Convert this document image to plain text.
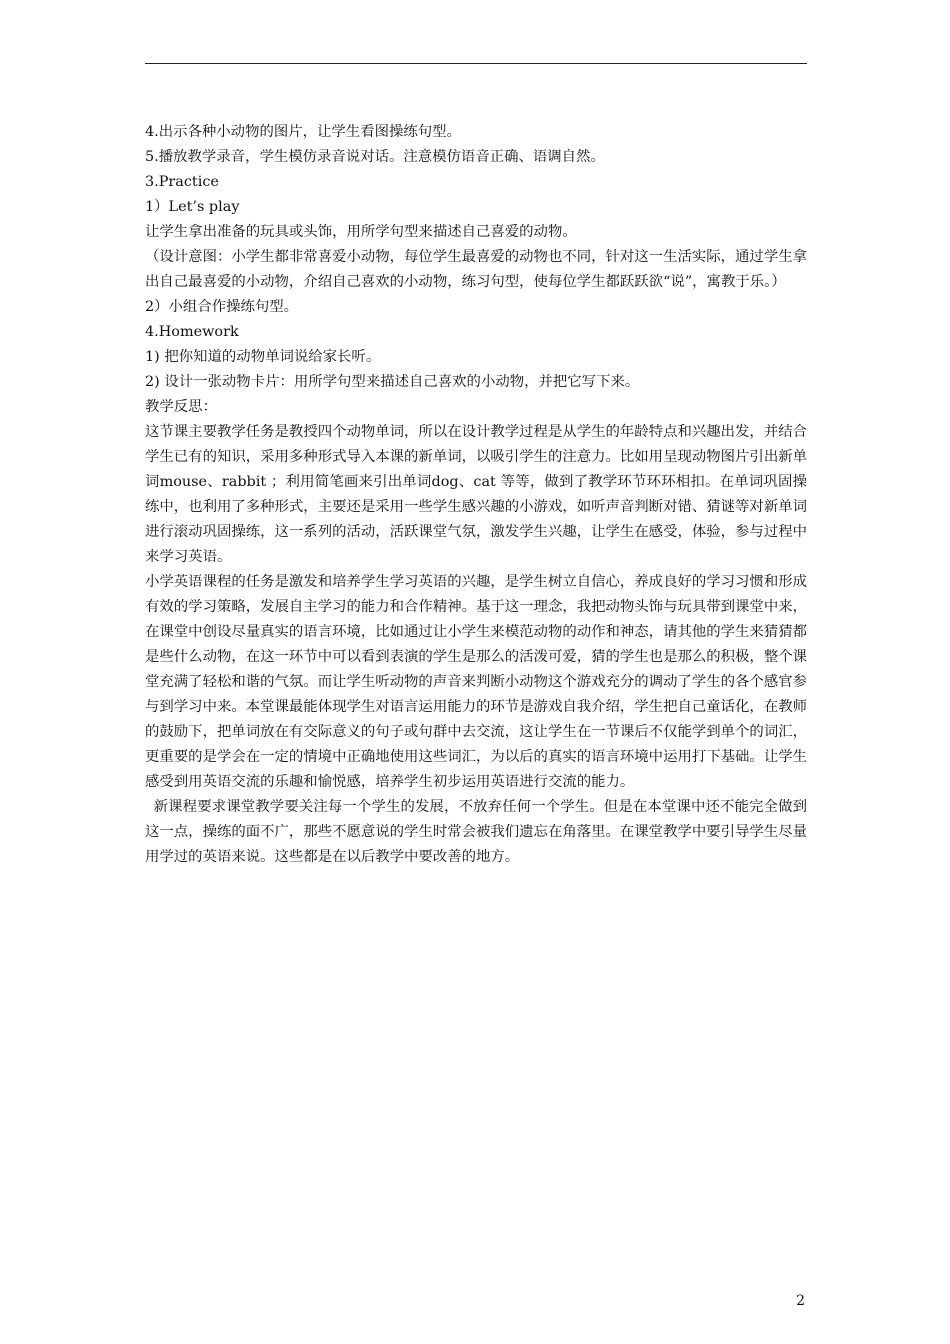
4.出示各种小动物的图片，让学生看图操练句型。

5.播放教学录音，学生模仿录音说对话。注意模仿语音正确、语调自然。

3.Practice

1）Let’s play

让学生拿出准备的玩具或头饰，用所学句型来描述自己喜爱的动物。

（设计意图：小学生都非常喜爱小动物，每位学生最喜爱的动物也不同，针对这一生活实际，通过学生拿出自己最喜爱的小动物，介绍自己喜欢的小动物，练习句型，使每位学生都跃跃欲“说”，寓教于乐。）

2）小组合作操练句型。

4.Homework

1) 把你知道的动物单词说给家长听。

2) 设计一张动物卡片：用所学句型来描述自己喜欢的小动物，并把它写下来。

教学反思：

这节课主要教学任务是教授四个动物单词，所以在设计教学过程是从学生的年龄特点和兴趣出发，并结合学生已有的知识，采用多种形式导入本课的新单词，以吸引学生的注意力。比如用呈现动物图片引出新单词mouse、rabbit ；利用简笔画来引出单词dog、cat 等等，做到了教学环节环环相扣。在单词巩固操练中，也利用了多种形式，主要还是采用一些学生感兴趣的小游戏，如听声音判断对错、猜谜等对新单词进行滚动巩固操练，这一系列的活动，活跃课堂气氛，激发学生兴趣，让学生在感受，体验，参与过程中来学习英语。

小学英语课程的任务是激发和培养学生学习英语的兴趣，是学生树立自信心，养成良好的学习习惯和形成有效的学习策略，发展自主学习的能力和合作精神。基于这一理念，我把动物头饰与玩具带到课堂中来，在课堂中创设尽量真实的语言环境，比如通过让小学生来模范动物的动作和神态，请其他的学生来猜猜都是些什么动物，在这一环节中可以看到表演的学生是那么的活泼可爱，猜的学生也是那么的积极，整个课堂充满了轻松和谐的气氛。而让学生听动物的声音来判断小动物这个游戏充分的调动了学生的各个感官参与到学习中来。本堂课最能体现学生对语言运用能力的环节是游戏自我介绍，学生把自己童话化，在教师的鼓励下，把单词放在有交际意义的句子或句群中去交流，这让学生在一节课后不仅能学到单个的词汇，更重要的是学会在一定的情境中正确地使用这些词汇，为以后的真实的语言环境中运用打下基础。让学生感受到用英语交流的乐趣和愉悦感，培养学生初步运用英语进行交流的能力。

新课程要求课堂教学要关注每一个学生的发展，不放弃任何一个学生。但是在本堂课中还不能完全做到这一点，操练的面不广，那些不愿意说的学生时常会被我们遗忘在角落里。在课堂教学中要引导学生尽量用学过的英语来说。这些都是在以后教学中要改善的地方。

2
